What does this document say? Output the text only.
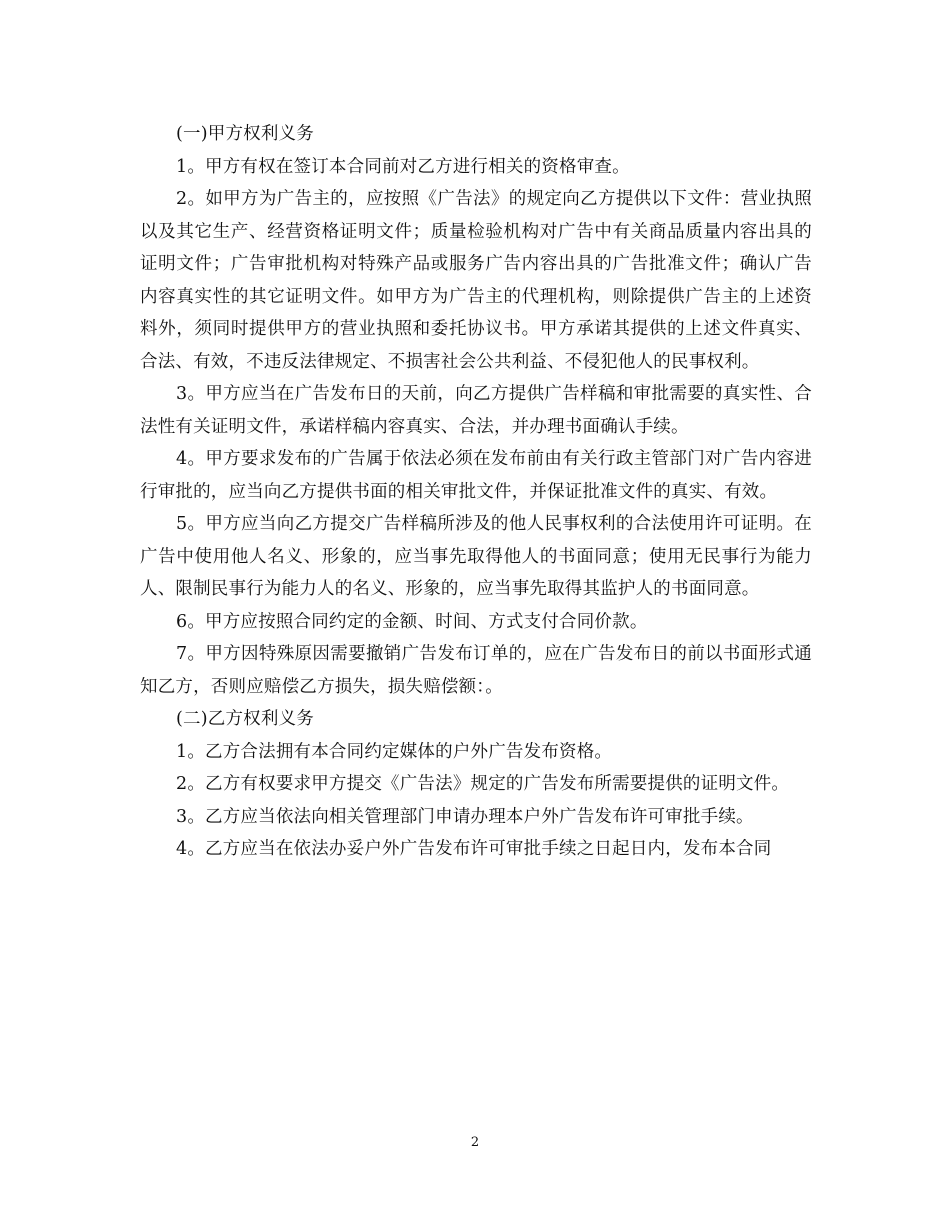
(一)甲方权利义务

1。甲方有权在签订本合同前对乙方进行相关的资格审查。

2。如甲方为广告主的，应按照《广告法》的规定向乙方提供以下文件：营业执照以及其它生产、经营资格证明文件；质量检验机构对广告中有关商品质量内容出具的证明文件；广告审批机构对特殊产品或服务广告内容出具的广告批准文件；确认广告内容真实性的其它证明文件。如甲方为广告主的代理机构，则除提供广告主的上述资料外，须同时提供甲方的营业执照和委托协议书。甲方承诺其提供的上述文件真实、合法、有效，不违反法律规定、不损害社会公共利益、不侵犯他人的民事权利。

3。甲方应当在广告发布日的天前，向乙方提供广告样稿和审批需要的真实性、合法性有关证明文件，承诺样稿内容真实、合法，并办理书面确认手续。

4。甲方要求发布的广告属于依法必须在发布前由有关行政主管部门对广告内容进行审批的，应当向乙方提供书面的相关审批文件，并保证批准文件的真实、有效。

5。甲方应当向乙方提交广告样稿所涉及的他人民事权利的合法使用许可证明。在广告中使用他人名义、形象的，应当事先取得他人的书面同意；使用无民事行为能力人、限制民事行为能力人的名义、形象的，应当事先取得其监护人的书面同意。

6。甲方应按照合同约定的金额、时间、方式支付合同价款。

7。甲方因特殊原因需要撤销广告发布订单的，应在广告发布日的前以书面形式通知乙方，否则应赔偿乙方损失，损失赔偿额：。

(二)乙方权利义务

1。乙方合法拥有本合同约定媒体的户外广告发布资格。

2。乙方有权要求甲方提交《广告法》规定的广告发布所需要提供的证明文件。

3。乙方应当依法向相关管理部门申请办理本户外广告发布许可审批手续。

4。乙方应当在依法办妥户外广告发布许可审批手续之日起日内，发布本合同

2
